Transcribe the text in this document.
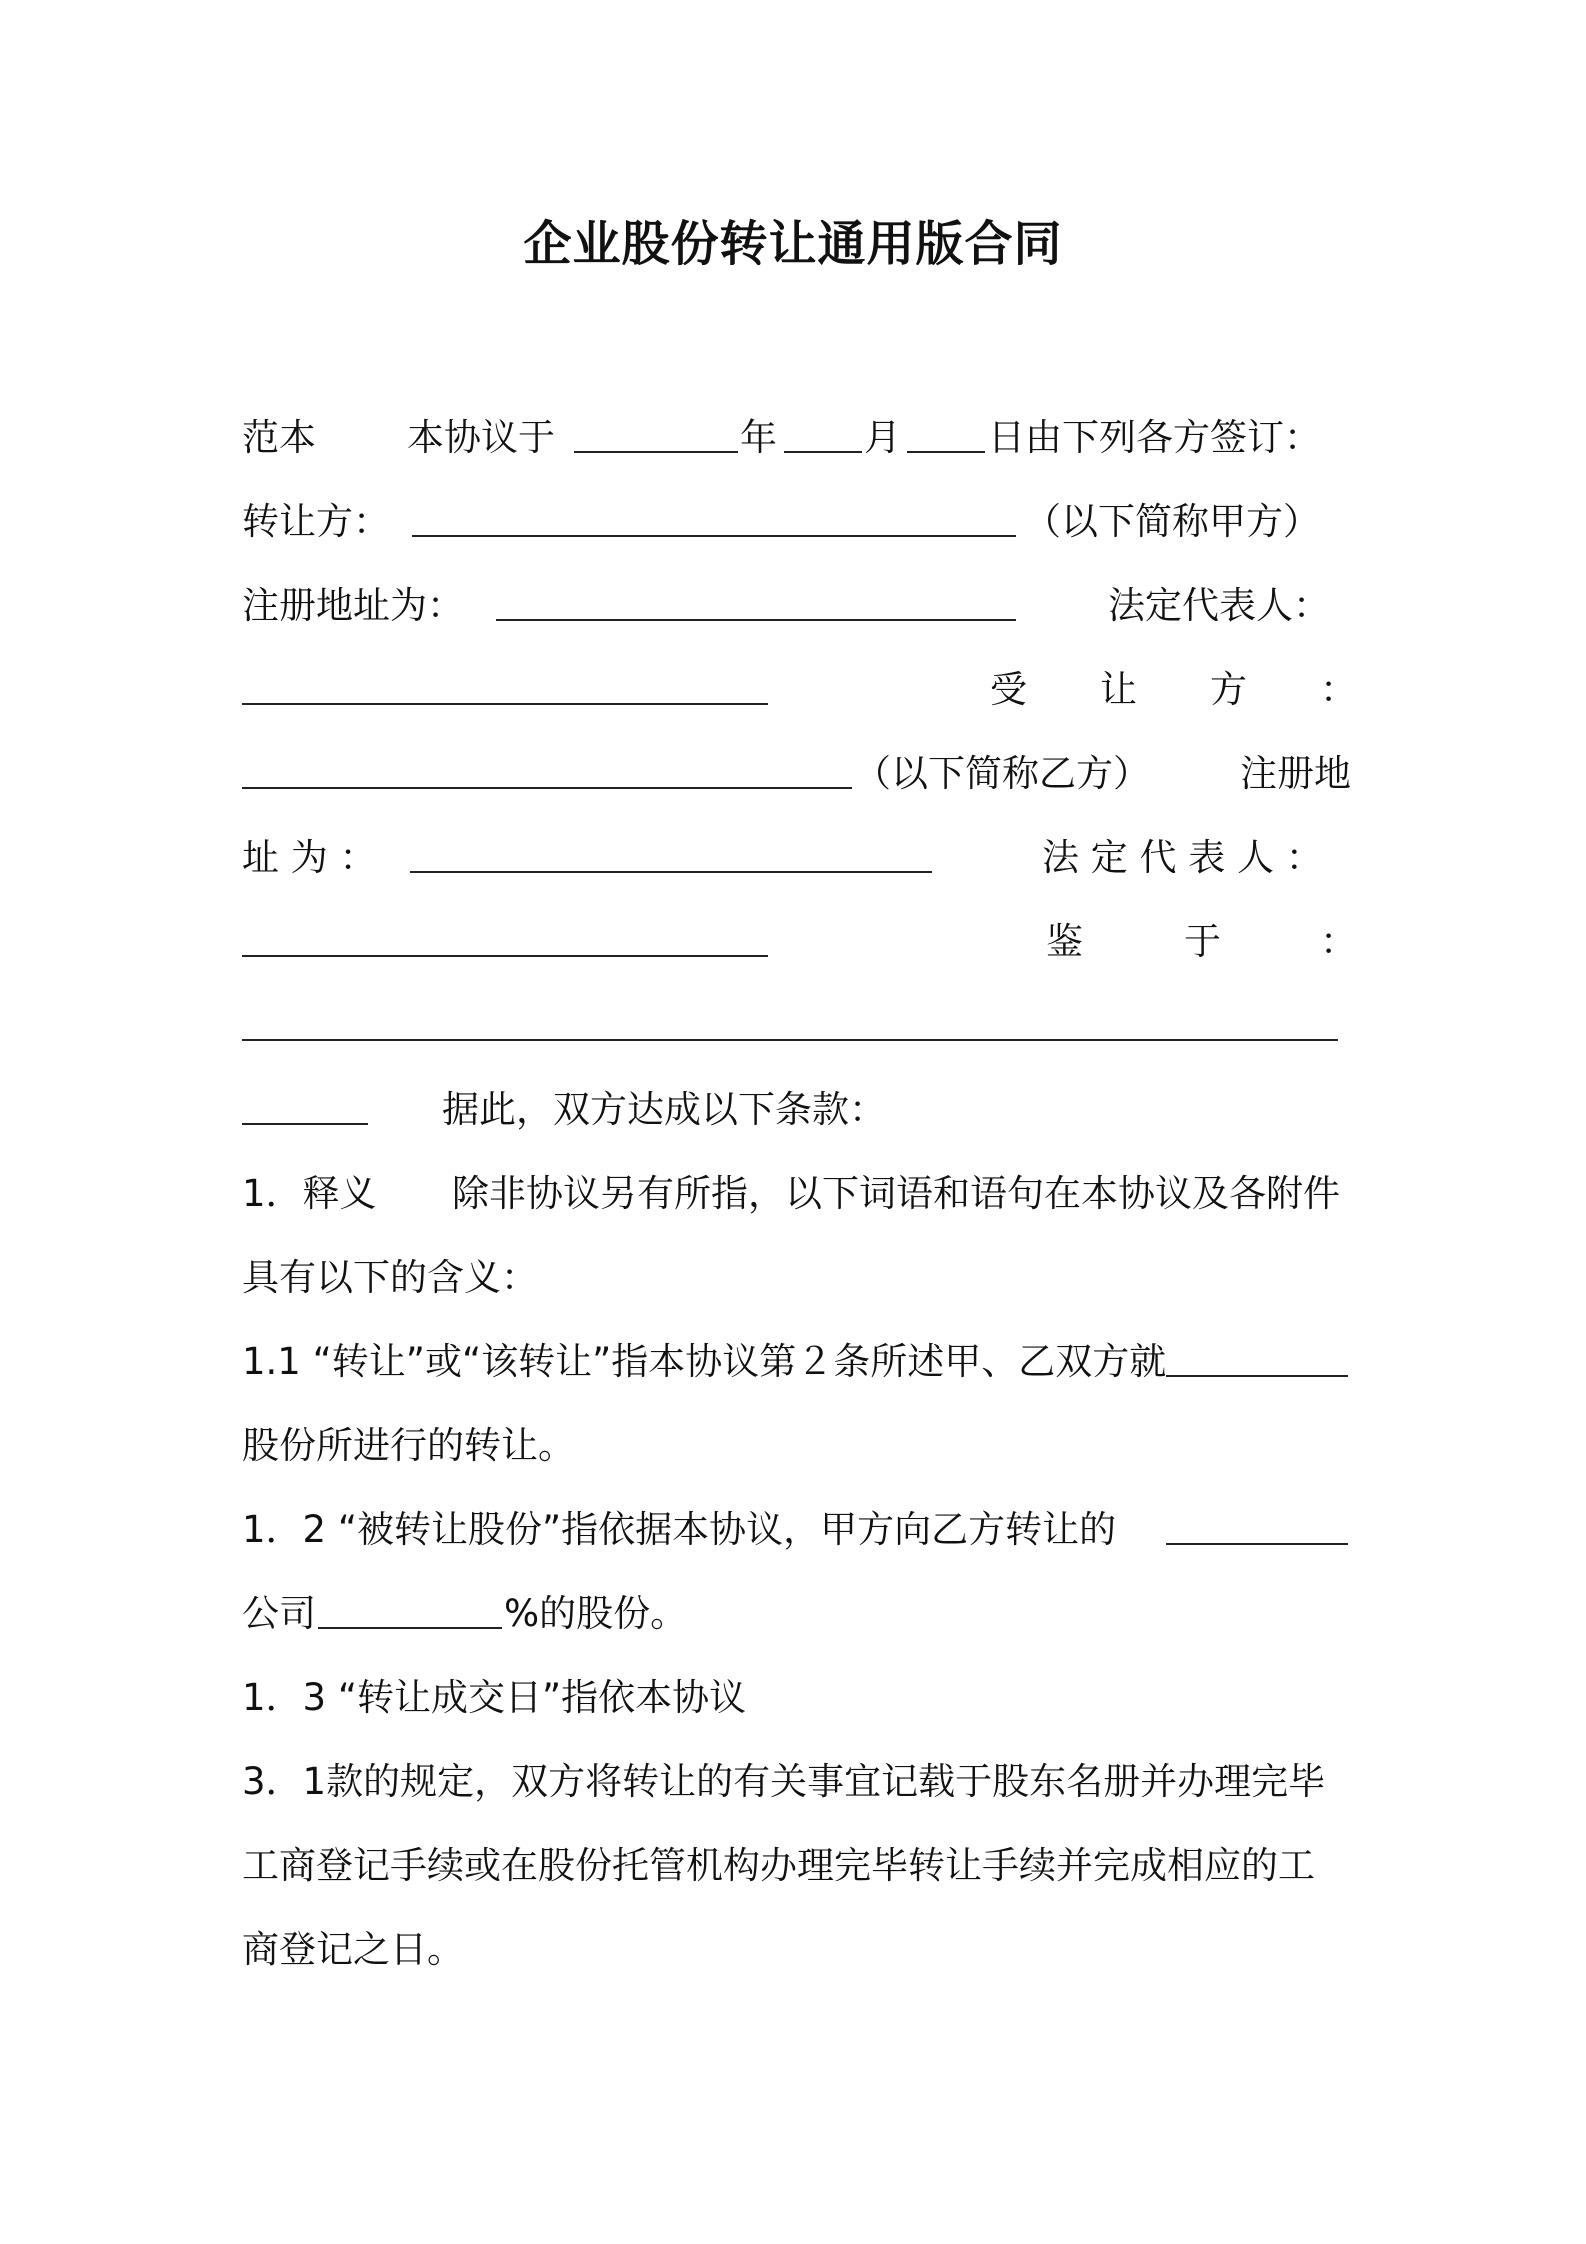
企业股份转让通用版合同

范本

本协议于

	年

月

日由下列各方签订：

转让方：

	（以下简称甲方）

注册地址为：

	法定代表人：

受

让

方

：

（以下简称乙方）

注册地

址 为 ：

	法 定 代 表 人 ：

鉴

	于

	：

据此，双方达成以下条款：

1．释义

除非协议另有所指，以下词语和语句在本协议及各附件

具有以下的含义：

1.1 “转让”或“该转让”指本协议第２条所述甲、乙双方就

股份所进行的转让。

1．2 “被转让股份”指依据本协议，甲方向乙方转让的

公司

	%的股份。

1．3 “转让成交日”指依本协议

3．1款的规定，双方将转让的有关事宜记载于股东名册并办理完毕

工商登记手续或在股份托管机构办理完毕转让手续并完成相应的工

商登记之日。
